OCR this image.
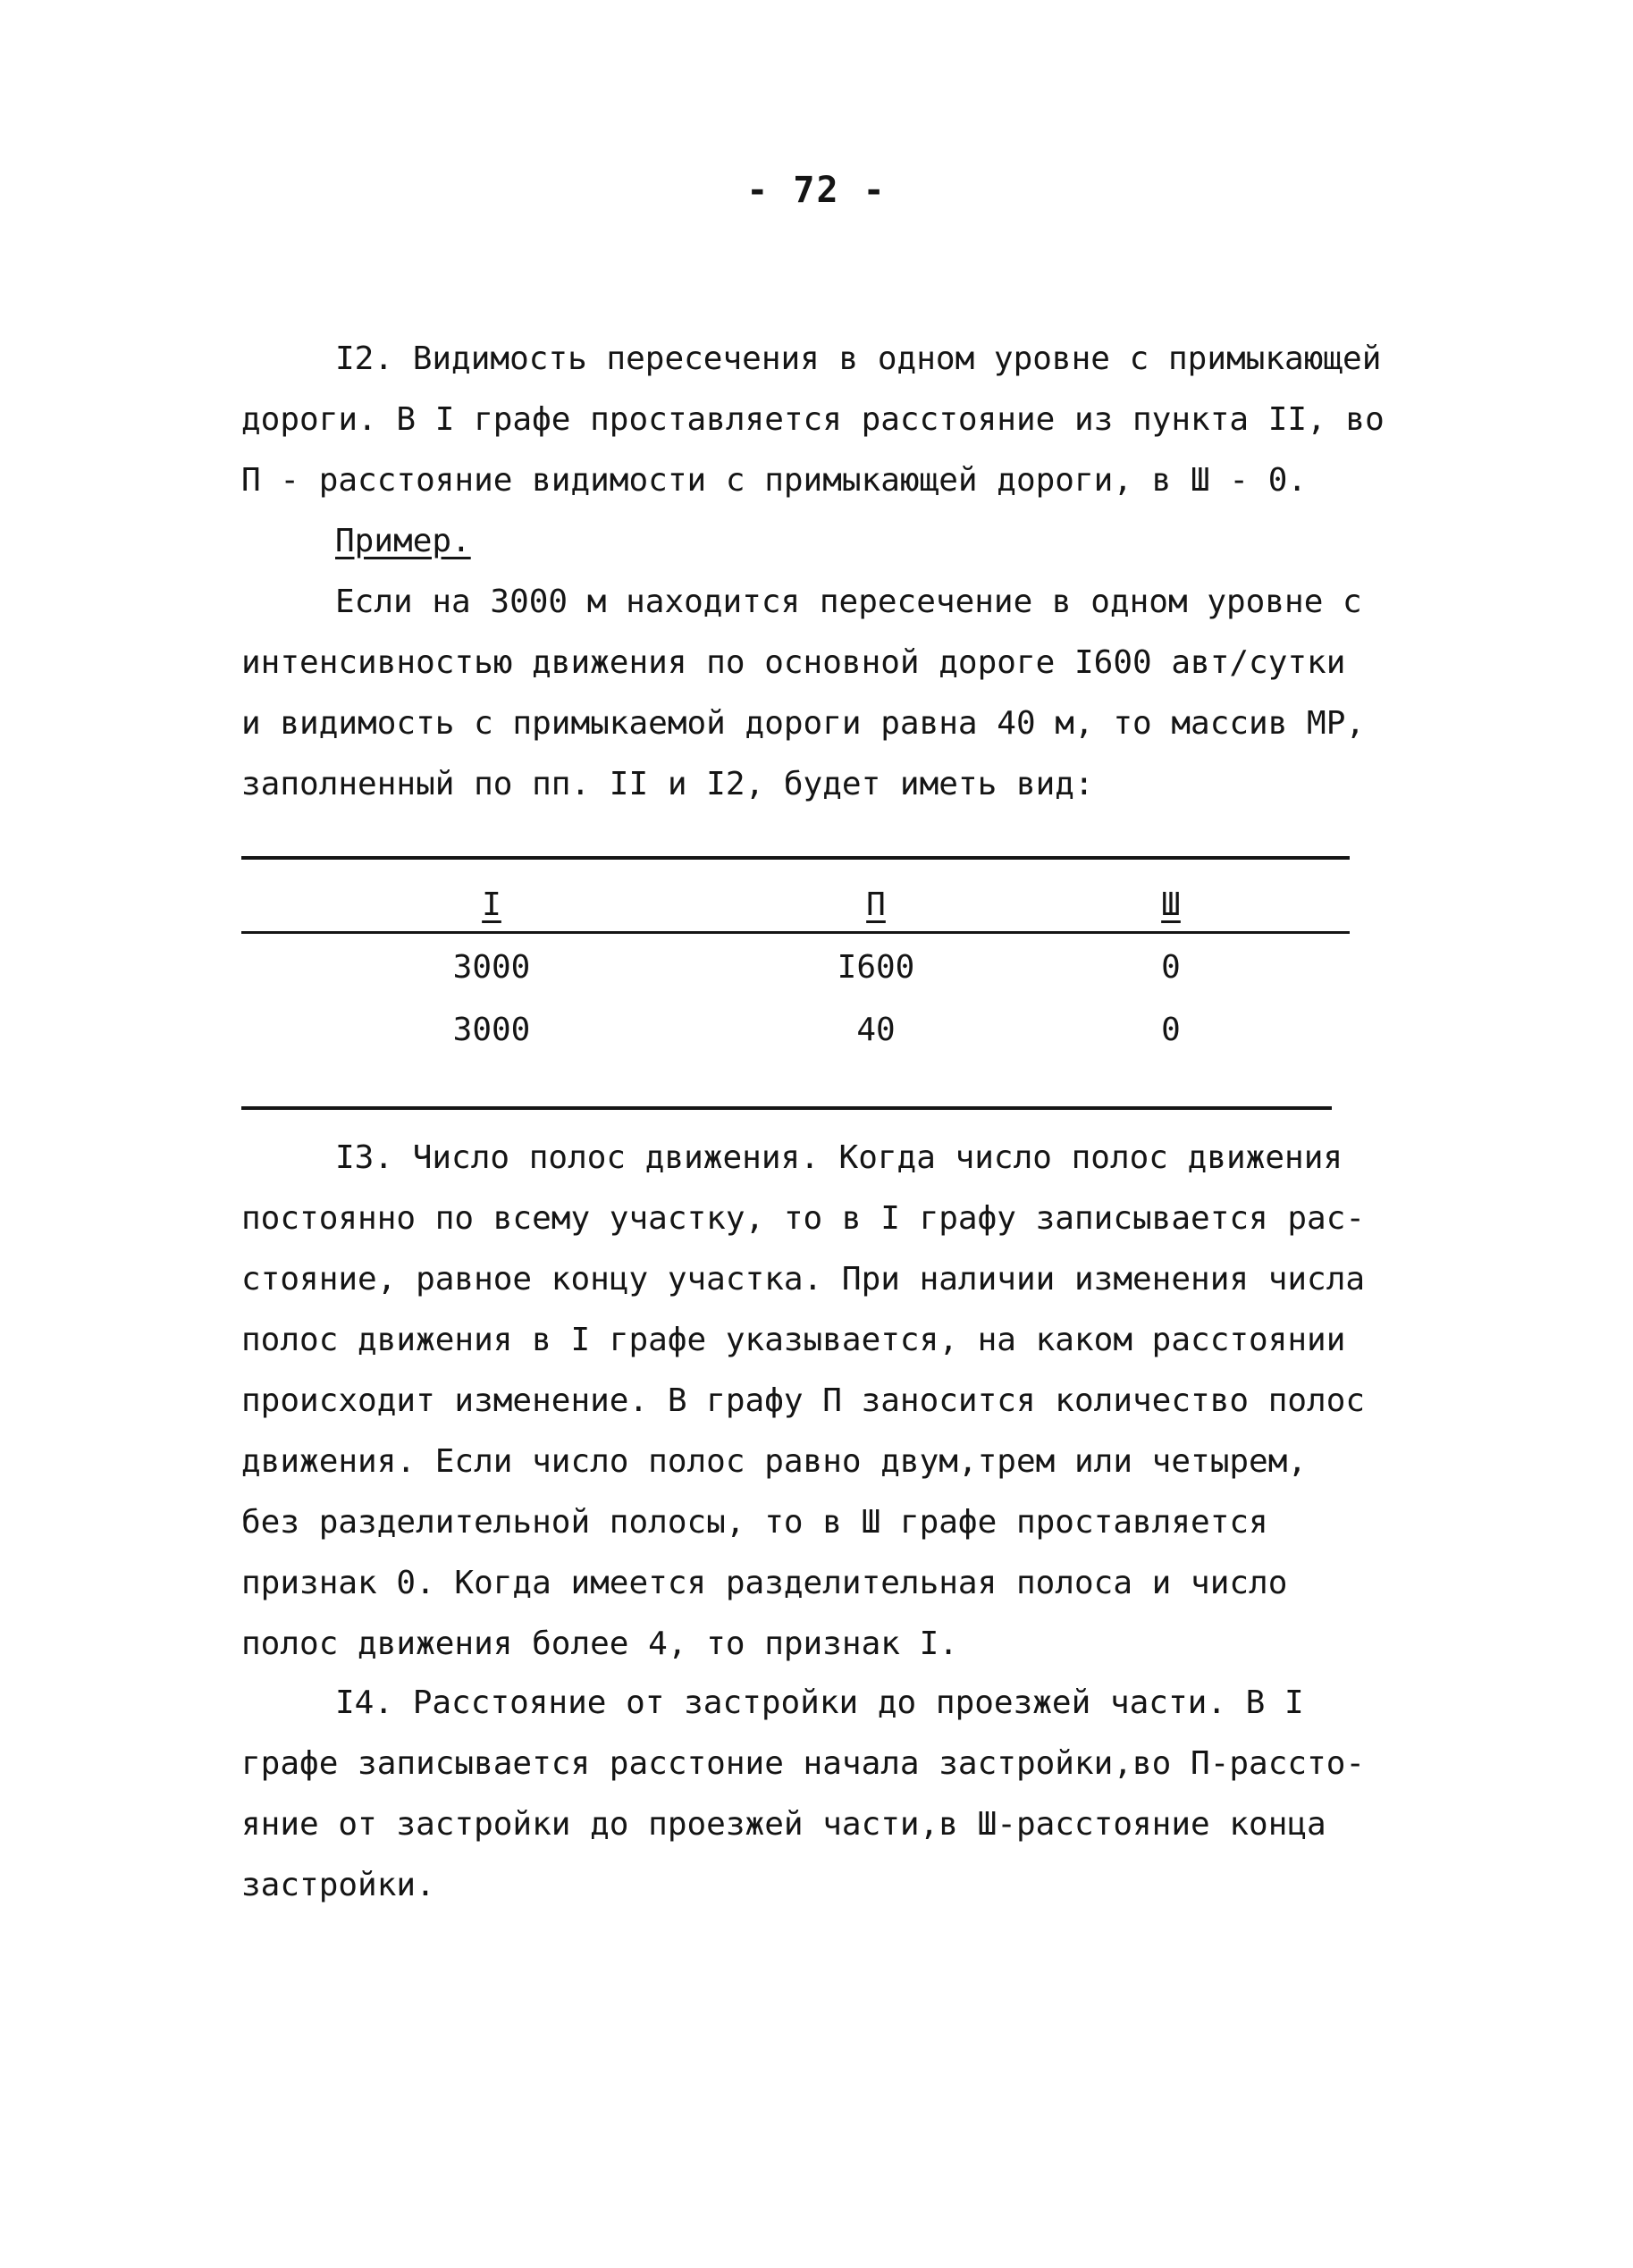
- 72 -
I2. Видимость пересечения в одном уровне с примыкающей
дороги. В I графе проставляется расстояние из пункта II, во
П - расстояние видимости с примыкающей дороги, в Ш - 0.
Пример.
Если на 3000 м находится пересечение в одном уровне с
интенсивностью движения по основной дороге I600 авт/сутки
и видимость с примыкаемой дороги равна 40 м, то массив МР,
заполненный по пп. II и I2, будет иметь вид:
I	П	Ш
3000	I600	0
3000	40	0
I3. Число полос движения. Когда число полос движения
постоянно по всему участку, то в I графу записывается рас-
стояние, равное концу участка. При наличии изменения числа
полос движения в I графе указывается, на каком расстоянии
происходит изменение. В графу П заносится количество полос
движения. Если число полос равно двум,трем или четырем,
без разделительной полосы, то в Ш графе проставляется
признак 0. Когда имеется разделительная полоса и число
полос движения более 4, то признак I.
I4. Расстояние от застройки до проезжей части. В I
графе записывается расстоние начала застройки,во П-рассто-
яние от застройки до проезжей части,в Ш-расстояние конца
застройки.
